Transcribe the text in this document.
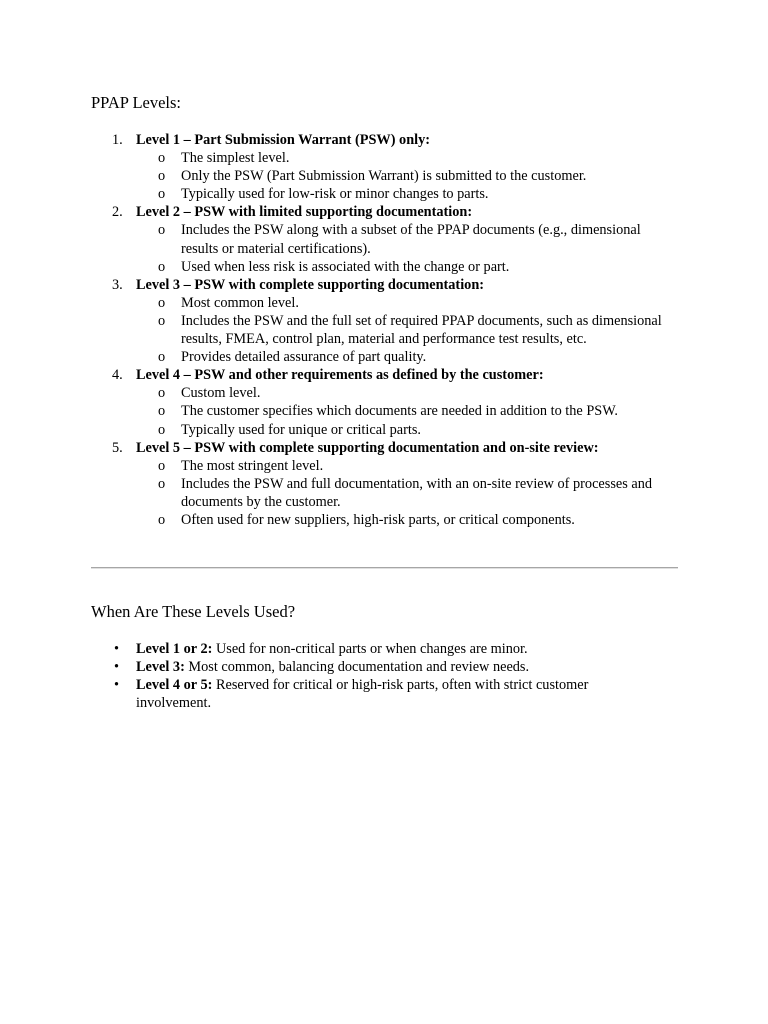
PPAP Levels:
1. Level 1 – Part Submission Warrant (PSW) only:
o The simplest level.
o Only the PSW (Part Submission Warrant) is submitted to the customer.
o Typically used for low-risk or minor changes to parts.
2. Level 2 – PSW with limited supporting documentation:
o Includes the PSW along with a subset of the PPAP documents (e.g., dimensional results or material certifications).
o Used when less risk is associated with the change or part.
3. Level 3 – PSW with complete supporting documentation:
o Most common level.
o Includes the PSW and the full set of required PPAP documents, such as dimensional results, FMEA, control plan, material and performance test results, etc.
o Provides detailed assurance of part quality.
4. Level 4 – PSW and other requirements as defined by the customer:
o Custom level.
o The customer specifies which documents are needed in addition to the PSW.
o Typically used for unique or critical parts.
5. Level 5 – PSW with complete supporting documentation and on-site review:
o The most stringent level.
o Includes the PSW and full documentation, with an on-site review of processes and documents by the customer.
o Often used for new suppliers, high-risk parts, or critical components.
When Are These Levels Used?
• Level 1 or 2: Used for non-critical parts or when changes are minor.
• Level 3: Most common, balancing documentation and review needs.
• Level 4 or 5: Reserved for critical or high-risk parts, often with strict customer involvement.
